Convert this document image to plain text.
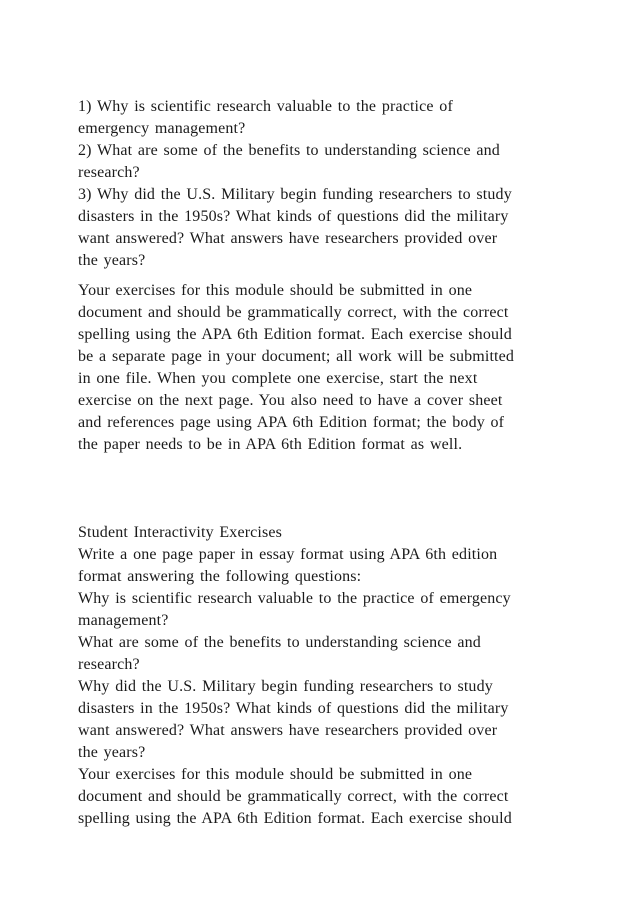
1) Why is scientific research valuable to the practice of
emergency management?
2) What are some of the benefits to understanding science and
research?
3) Why did the U.S. Military begin funding researchers to study
disasters in the 1950s? What kinds of questions did the military
want answered? What answers have researchers provided over
the years?
Your exercises for this module should be submitted in one
document and should be grammatically correct, with the correct
spelling using the APA 6th Edition format. Each exercise should
be a separate page in your document; all work will be submitted
in one file. When you complete one exercise, start the next
exercise on the next page. You also need to have a cover sheet
and references page using APA 6th Edition format; the body of
the paper needs to be in APA 6th Edition format as well.
Student Interactivity Exercises
Write a one page paper in essay format using APA 6th edition
format answering the following questions:
Why is scientific research valuable to the practice of emergency
management?
What are some of the benefits to understanding science and
research?
Why did the U.S. Military begin funding researchers to study
disasters in the 1950s? What kinds of questions did the military
want answered? What answers have researchers provided over
the years?
Your exercises for this module should be submitted in one
document and should be grammatically correct, with the correct
spelling using the APA 6th Edition format. Each exercise should
